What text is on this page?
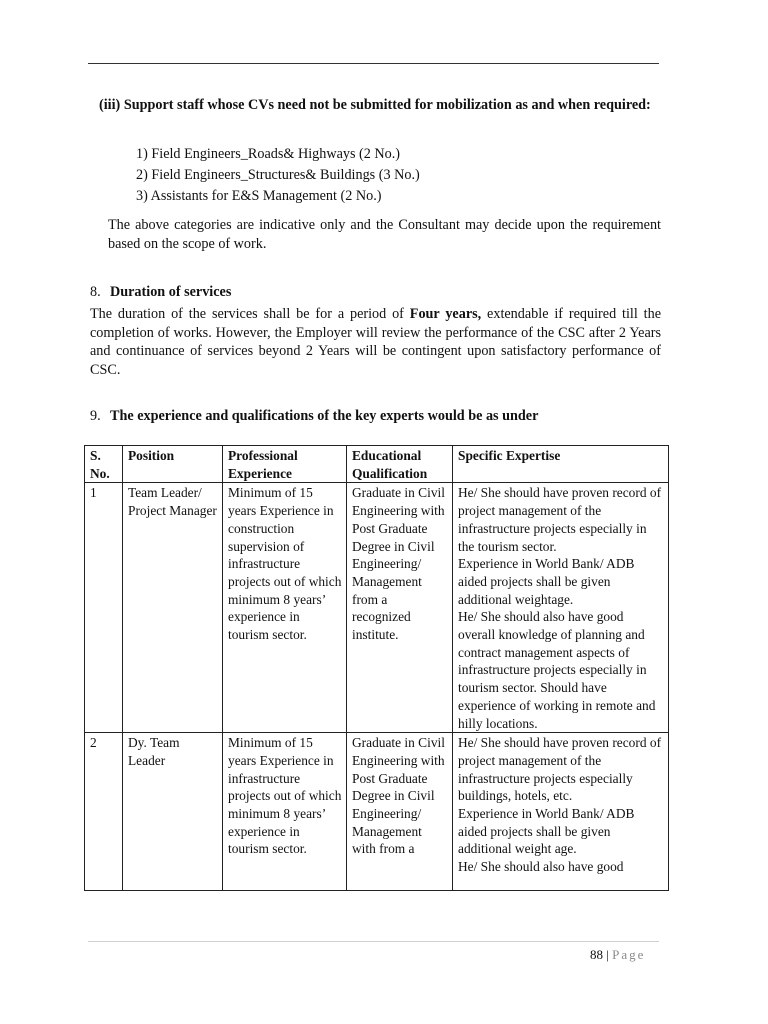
(iii) Support staff whose CVs need not be submitted for mobilization as and when required:
1) Field Engineers_Roads& Highways (2 No.)
2) Field Engineers_Structures& Buildings (3 No.)
3) Assistants for E&S Management (2 No.)
The above categories are indicative only and the Consultant may decide upon the requirement based on the scope of work.
8. Duration of services
The duration of the services shall be for a period of Four years, extendable if required till the completion of works. However, the Employer will review the performance of the CSC after 2 Years and continuance of services beyond 2 Years will be contingent upon satisfactory performance of CSC.
9. The experience and qualifications of the key experts would be as under
S. No.	Position	Professional Experience	Educational Qualification	Specific Expertise
1	Team Leader/ Project Manager	Minimum of 15 years Experience in construction supervision of infrastructure projects out of which minimum 8 years’ experience in tourism sector.	Graduate in Civil Engineering with Post Graduate Degree in Civil Engineering/ Management from a recognized institute.	He/ She should have proven record of project management of the infrastructure projects especially in the tourism sector.
Experience in World Bank/ ADB aided projects shall be given additional weightage.
He/ She should also have good overall knowledge of planning and contract management aspects of infrastructure projects especially in tourism sector. Should have experience of working in remote and hilly locations.
2	Dy. Team Leader	Minimum of 15 years Experience in infrastructure projects out of which minimum 8 years’ experience in tourism sector.	Graduate in Civil Engineering with Post Graduate Degree in Civil Engineering/ Management with from a	He/ She should have proven record of project management of the infrastructure projects especially buildings, hotels, etc.
Experience in World Bank/ ADB aided projects shall be given additional weight age.
He/ She should also have good
88 | Page
